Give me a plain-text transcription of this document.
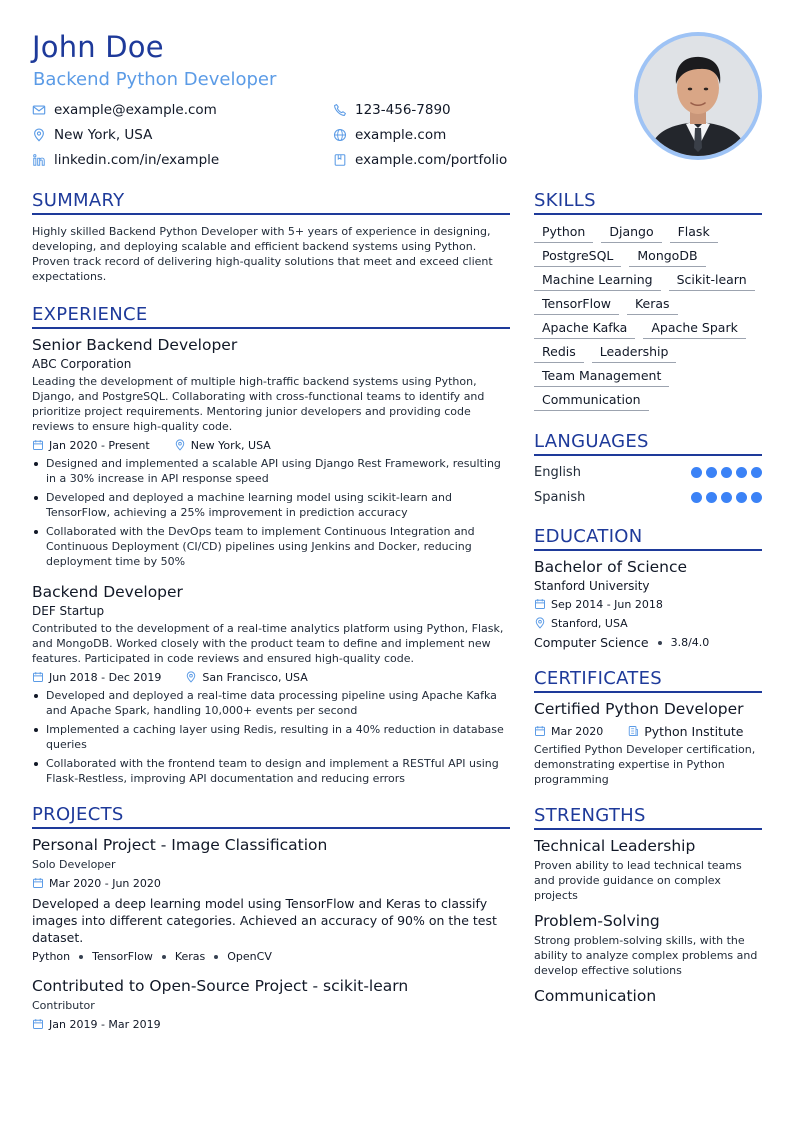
John Doe
Backend Python Developer
example@example.com	123-456-7890
New York, USA	example.com
linkedin.com/in/example	example.com/portfolio
SUMMARY
Highly skilled Backend Python Developer with 5+ years of experience in designing, developing, and deploying scalable and efficient backend systems using Python. Proven track record of delivering high-quality solutions that meet and exceed client expectations.
EXPERIENCE
Senior Backend Developer
ABC Corporation
Leading the development of multiple high-traffic backend systems using Python, Django, and PostgreSQL. Collaborating with cross-functional teams to identify and prioritize project requirements. Mentoring junior developers and providing code reviews to ensure high-quality code.
Jan 2020 - Present	New York, USA
Designed and implemented a scalable API using Django Rest Framework, resulting in a 30% increase in API response speed
Developed and deployed a machine learning model using scikit-learn and TensorFlow, achieving a 25% improvement in prediction accuracy
Collaborated with the DevOps team to implement Continuous Integration and Continuous Deployment (CI/CD) pipelines using Jenkins and Docker, reducing deployment time by 50%
Backend Developer
DEF Startup
Contributed to the development of a real-time analytics platform using Python, Flask, and MongoDB. Worked closely with the product team to define and implement new features. Participated in code reviews and ensured high-quality code.
Jun 2018 - Dec 2019	San Francisco, USA
Developed and deployed a real-time data processing pipeline using Apache Kafka and Apache Spark, handling 10,000+ events per second
Implemented a caching layer using Redis, resulting in a 40% reduction in database queries
Collaborated with the frontend team to design and implement a RESTful API using Flask-Restless, improving API documentation and reducing errors
PROJECTS
Personal Project - Image Classification
Solo Developer
Mar 2020 - Jun 2020
Developed a deep learning model using TensorFlow and Keras to classify images into different categories. Achieved an accuracy of 90% on the test dataset.
Python TensorFlow Keras OpenCV
Contributed to Open-Source Project - scikit-learn
Contributor
Jan 2019 - Mar 2019
SKILLS
Python	Django	Flask
PostgreSQL	MongoDB
Machine Learning	Scikit-learn
TensorFlow	Keras
Apache Kafka	Apache Spark
Redis	Leadership
Team Management
Communication
LANGUAGES
English
Spanish
EDUCATION
Bachelor of Science
Stanford University
Sep 2014 - Jun 2018
Stanford, USA
Computer Science 3.8/4.0
CERTIFICATES
Certified Python Developer
Mar 2020	Python Institute
Certified Python Developer certification, demonstrating expertise in Python programming
STRENGTHS
Technical Leadership
Proven ability to lead technical teams and provide guidance on complex projects
Problem-Solving
Strong problem-solving skills, with the ability to analyze complex problems and develop effective solutions
Communication
